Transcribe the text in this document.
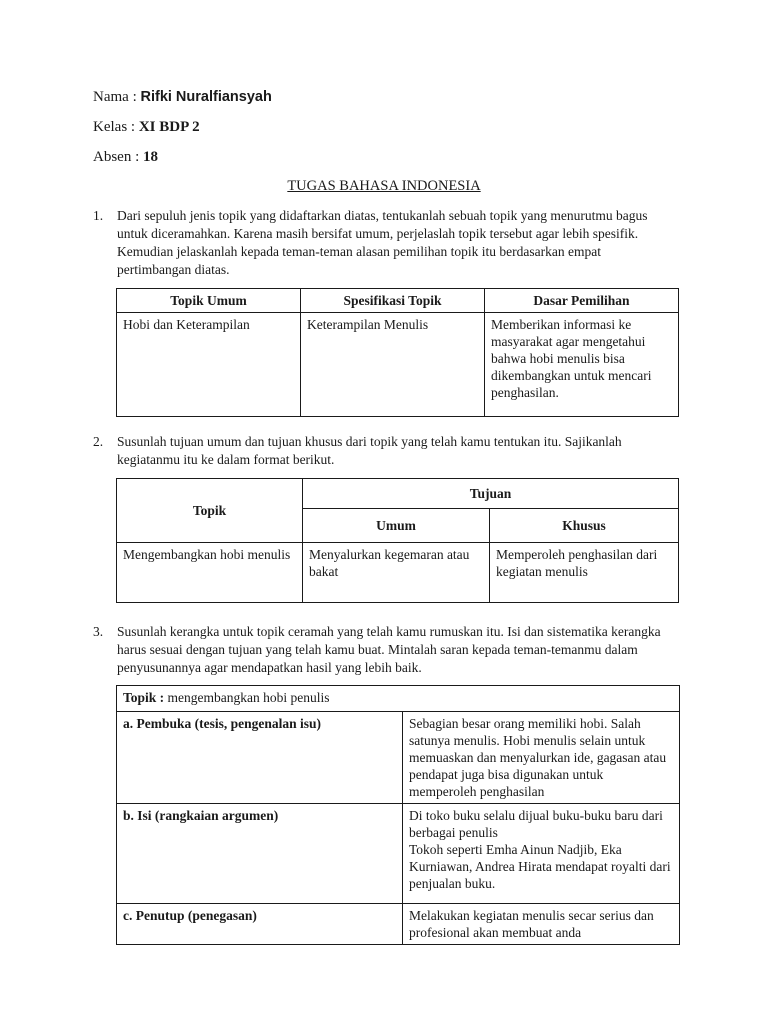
Nama : Rifki Nuralfiansyah
Kelas : XI BDP 2
Absen : 18
TUGAS BAHASA INDONESIA
1. Dari sepuluh jenis topik yang didaftarkan diatas, tentukanlah sebuah topik yang menurutmu bagus untuk diceramahkan. Karena masih bersifat umum, perjelaslah topik tersebut agar lebih spesifik. Kemudian jelaskanlah kepada teman-teman alasan pemilihan topik itu berdasarkan empat pertimbangan diatas.
Topik Umum	Spesifikasi Topik	Dasar Pemilihan
Hobi dan Keterampilan	Keterampilan Menulis	Memberikan informasi ke masyarakat agar mengetahui bahwa hobi menulis bisa dikembangkan untuk mencari penghasilan.
2. Susunlah tujuan umum dan tujuan khusus dari topik yang telah kamu tentukan itu. Sajikanlah kegiatanmu itu ke dalam format berikut.
Topik	Tujuan	
	Umum	Khusus
Mengembangkan hobi menulis	Menyalurkan kegemaran atau bakat	Memperoleh penghasilan dari kegiatan menulis
3. Susunlah kerangka untuk topik ceramah yang telah kamu rumuskan itu. Isi dan sistematika kerangka harus sesuai dengan tujuan yang telah kamu buat. Mintalah saran kepada teman-temanmu dalam penyusunannya agar mendapatkan hasil yang lebih baik.
Topik : mengembangkan hobi penulis	
a. Pembuka (tesis, pengenalan isu)	Sebagian besar orang memiliki hobi. Salah satunya menulis. Hobi menulis selain untuk memuaskan dan menyalurkan ide, gagasan atau pendapat juga bisa digunakan untuk memperoleh penghasilan
b. Isi (rangkaian argumen)	Di toko buku selalu dijual buku-buku baru dari berbagai penulis
Tokoh seperti Emha Ainun Nadjib, Eka Kurniawan, Andrea Hirata mendapat royalti dari penjualan buku.
c. Penutup (penegasan)	Melakukan kegiatan menulis secar serius dan profesional akan membuat anda
